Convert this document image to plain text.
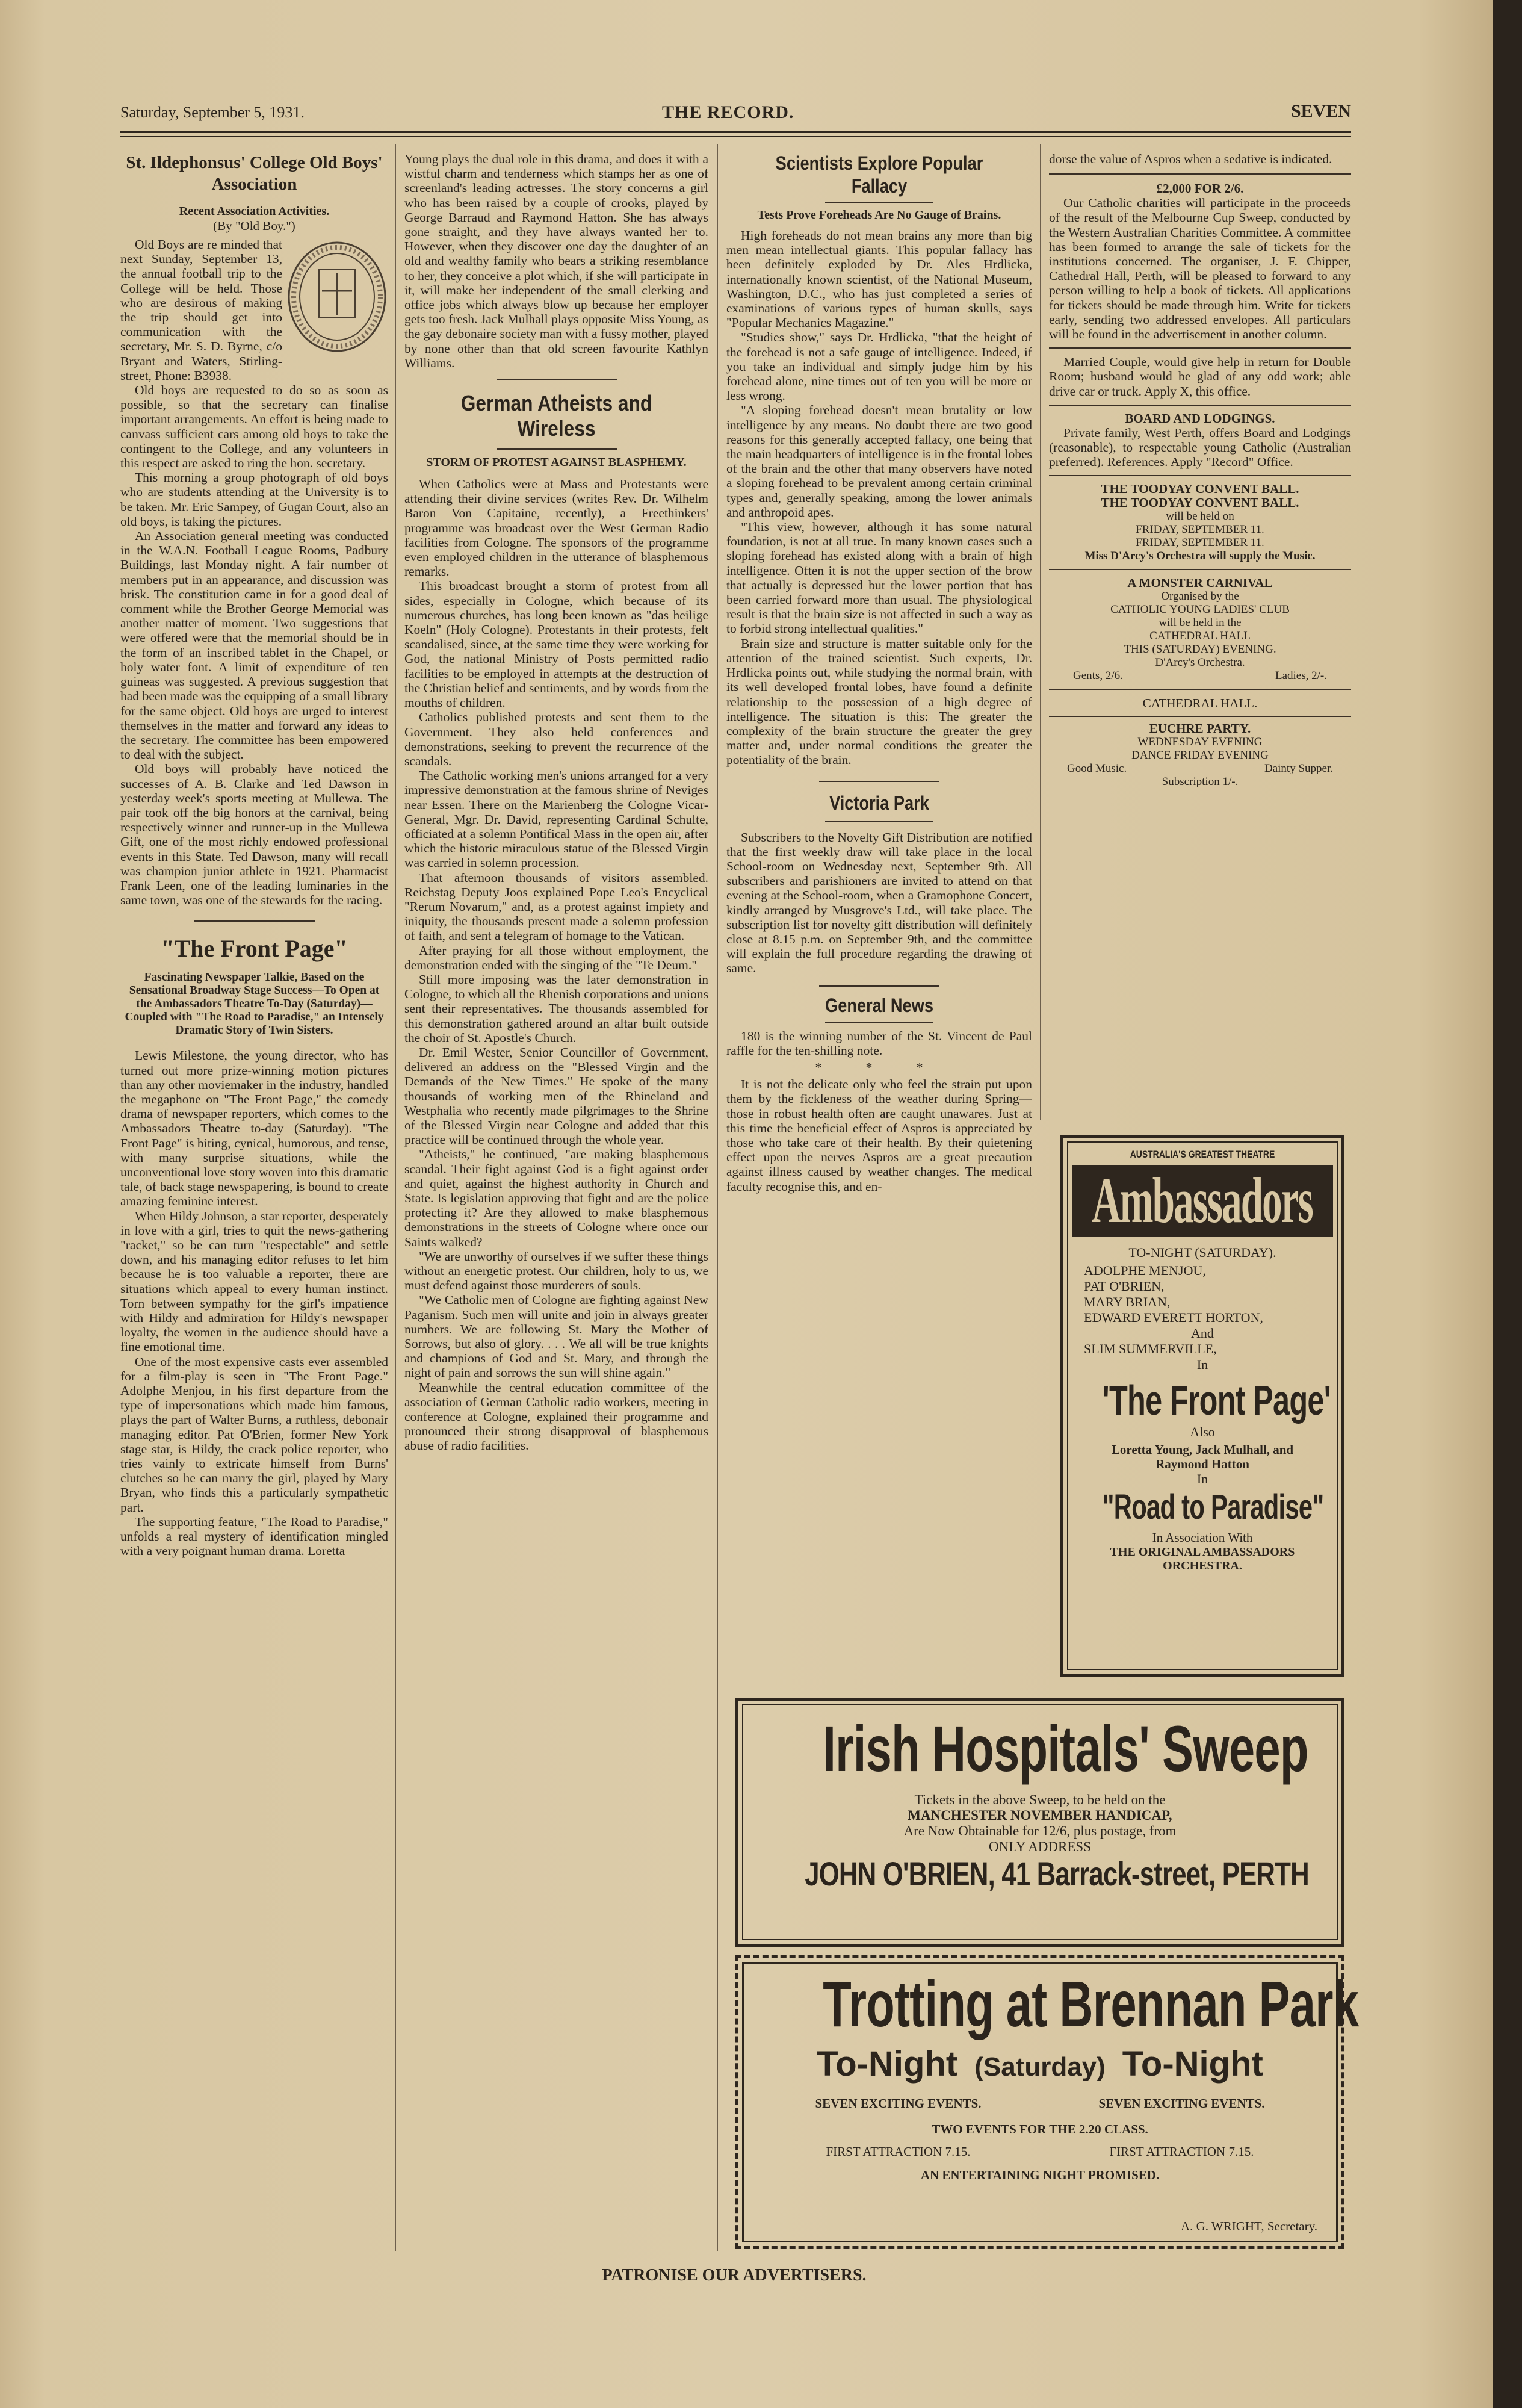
Saturday, September 5, 1931.	THE RECORD.	SEVEN
St. Ildephonsus' College Old Boys' Association
Recent Association Activities.
(By "Old Boy.")

Old Boys are re minded that next Sunday, September 13, the annual football trip to the College will be held. Those who are desirous of making the trip should get into communication with the secretary, Mr. S. D. Byrne, c/o Bryant and Waters, Stirling-street, Phone: B3938.

Old boys are requested to do so as soon as possible, so that the secretary can finalise important arrangements. An effort is being made to canvass sufficient cars among old boys to take the contingent to the College, and any volunteers in this respect are asked to ring the hon. secretary.

This morning a group photograph of old boys who are students attending at the University is to be taken. Mr. Eric Sampey, of Gugan Court, also an old boys, is taking the pictures.

An Association general meeting was conducted in the W.A.N. Football League Rooms, Padbury Buildings, last Monday night. A fair number of members put in an appearance, and discussion was brisk. The constitution came in for a good deal of comment while the Brother George Memorial was another matter of moment. Two suggestions that were offered were that the memorial should be in the form of an inscribed tablet in the Chapel, or holy water font. A limit of expenditure of ten guineas was suggested. A previous suggestion that had been made was the equipping of a small library for the same object. Old boys are urged to interest themselves in the matter and forward any ideas to the secretary. The committee has been empowered to deal with the subject.

Old boys will probably have noticed the successes of A. B. Clarke and Ted Dawson in yesterday week's sports meeting at Mullewa. The pair took off the big honors at the carnival, being respectively winner and runner-up in the Mullewa Gift, one of the most richly endowed professional events in this State. Ted Dawson, many will recall was champion junior athlete in 1921. Pharmacist Frank Leen, one of the leading luminaries in the same town, was one of the stewards for the racing.

"The Front Page"
Fascinating Newspaper Talkie, Based on the Sensational Broadway Stage Success—To Open at the Ambassadors Theatre To-Day (Saturday)—Coupled with "The Road to Paradise," an Intensely Dramatic Story of Twin Sisters.

Lewis Milestone, the young director, who has turned out more prize-winning motion pictures than any other moviemaker in the industry, handled the megaphone on "The Front Page," the comedy drama of newspaper reporters, which comes to the Ambassadors Theatre to-day (Saturday). "The Front Page" is biting, cynical, humorous, and tense, with many surprise situations, while the unconventional love story woven into this dramatic tale, of back stage newspapering, is bound to create amazing feminine interest.

When Hildy Johnson, a star reporter, desperately in love with a girl, tries to quit the news-gathering "racket," so be can turn "respectable" and settle down, and his managing editor refuses to let him because he is too valuable a reporter, there are situations which appeal to every human instinct. Torn between sympathy for the girl's impatience with Hildy and admiration for Hildy's newspaper loyalty, the women in the audience should have a fine emotional time.

One of the most expensive casts ever assembled for a film-play is seen in "The Front Page." Adolphe Menjou, in his first departure from the type of impersonations which made him famous, plays the part of Walter Burns, a ruthless, debonair managing editor. Pat O'Brien, former New York stage star, is Hildy, the crack police reporter, who tries vainly to extricate himself from Burns' clutches so he can marry the girl, played by Mary Bryan, who finds this a particularly sympathetic part.

The supporting feature, "The Road to Paradise," unfolds a real mystery of identification mingled with a very poignant human drama. Loretta

Young plays the dual role in this drama, and does it with a wistful charm and tenderness which stamps her as one of screenland's leading actresses. The story concerns a girl who has been raised by a couple of crooks, played by George Barraud and Raymond Hatton. She has always gone straight, and they have always wanted her to. However, when they discover one day the daughter of an old and wealthy family who bears a striking resemblance to her, they conceive a plot which, if she will participate in it, will make her independent of the small clerking and office jobs which always blow up because her employer gets too fresh. Jack Mulhall plays opposite Miss Young, as the gay debonaire society man with a fussy mother, played by none other than that old screen favourite Kathlyn Williams.

German Atheists and Wireless
STORM OF PROTEST AGAINST BLASPHEMY.

When Catholics were at Mass and Protestants were attending their divine services (writes Rev. Dr. Wilhelm Baron Von Capitaine, recently), a Freethinkers' programme was broadcast over the West German Radio facilities from Cologne. The sponsors of the programme even employed children in the utterance of blasphemous remarks.

This broadcast brought a storm of protest from all sides, especially in Cologne, which because of its numerous churches, has long been known as "das heilige Koeln" (Holy Cologne). Protestants in their protests, felt scandalised, since, at the same time they were working for God, the national Ministry of Posts permitted radio facilities to be employed in attempts at the destruction of the Christian belief and sentiments, and by words from the mouths of children.

Catholics published protests and sent them to the Government. They also held conferences and demonstrations, seeking to prevent the recurrence of the scandals.

The Catholic working men's unions arranged for a very impressive demonstration at the famous shrine of Neviges near Essen. There on the Marienberg the Cologne Vicar-General, Mgr. Dr. David, representing Cardinal Schulte, officiated at a solemn Pontifical Mass in the open air, after which the historic miraculous statue of the Blessed Virgin was carried in solemn procession.

That afternoon thousands of visitors assembled. Reichstag Deputy Joos explained Pope Leo's Encyclical "Rerum Novarum," and, as a protest against impiety and iniquity, the thousands present made a solemn profession of faith, and sent a telegram of homage to the Vatican.

After praying for all those without employment, the demonstration ended with the singing of the "Te Deum."

Still more imposing was the later demonstration in Cologne, to which all the Rhenish corporations and unions sent their representatives. The thousands assembled for this demonstration gathered around an altar built outside the choir of St. Apostle's Church.

Dr. Emil Wester, Senior Councillor of Government, delivered an address on the "Blessed Virgin and the Demands of the New Times." He spoke of the many thousands of working men of the Rhineland and Westphalia who recently made pilgrimages to the Shrine of the Blessed Virgin near Cologne and added that this practice will be continued through the whole year.

"Atheists," he continued, "are making blasphemous scandal. Their fight against God is a fight against order and quiet, against the highest authority in Church and State. Is legislation approving that fight and are the police protecting it? Are they allowed to make blasphemous demonstrations in the streets of Cologne where once our Saints walked?

"We are unworthy of ourselves if we suffer these things without an energetic protest. Our children, holy to us, we must defend against those murderers of souls.

"We Catholic men of Cologne are fighting against New Paganism. Such men will unite and join in always greater numbers. We are following St. Mary the Mother of Sorrows, but also of glory. . . . We all will be true knights and champions of God and St. Mary, and through the night of pain and sorrows the sun will shine again."

Meanwhile the central education committee of the association of German Catholic radio workers, meeting in conference at Cologne, explained their programme and pronounced their strong disapproval of blasphemous abuse of radio facilities.

Scientists Explore Popular Fallacy
Tests Prove Foreheads Are No Gauge of Brains.

High foreheads do not mean brains any more than big men mean intellectual giants. This popular fallacy has been definitely exploded by Dr. Ales Hrdlicka, internationally known scientist, of the National Museum, Washington, D.C., who has just completed a series of examinations of various types of human skulls, says "Popular Mechanics Magazine."

"Studies show," says Dr. Hrdlicka, "that the height of the forehead is not a safe gauge of intelligence. Indeed, if you take an individual and simply judge him by his forehead alone, nine times out of ten you will be more or less wrong.

"A sloping forehead doesn't mean brutality or low intelligence by any means. No doubt there are two good reasons for this generally accepted fallacy, one being that the main headquarters of intelligence is in the frontal lobes of the brain and the other that many observers have noted a sloping forehead to be prevalent among certain criminal types and, generally speaking, among the lower animals and anthropoid apes.

"This view, however, although it has some natural foundation, is not at all true. In many known cases such a sloping forehead has existed along with a brain of high intelligence. Often it is not the upper section of the brow that actually is depressed but the lower portion that has been carried forward more than usual. The physiological result is that the brain size is not affected in such a way as to forbid strong intellectual qualities."

Brain size and structure is matter suitable only for the attention of the trained scientist. Such experts, Dr. Hrdlicka points out, while studying the normal brain, with its well developed frontal lobes, have found a definite relationship to the possession of a high degree of intelligence. The situation is this: The greater the complexity of the brain structure the greater the grey matter and, under normal conditions the greater the potentiality of the brain.

Victoria Park

Subscribers to the Novelty Gift Distribution are notified that the first weekly draw will take place in the local School-room on Wednesday next, September 9th. All subscribers and parishioners are invited to attend on that evening at the School-room, when a Gramophone Concert, kindly arranged by Musgrove's Ltd., will take place. The subscription list for novelty gift distribution will definitely close at 8.15 p.m. on September 9th, and the committee will explain the full procedure regarding the drawing of same.

General News

180 is the winning number of the St. Vincent de Paul raffle for the ten-shilling note.

* * *

It is not the delicate only who feel the strain put upon them by the fickleness of the weather during Spring—those in robust health often are caught unawares. Just at this time the beneficial effect of Aspros is appreciated by those who take care of their health. By their quietening effect upon the nerves Aspros are a great precaution against illness caused by weather changes. The medical faculty recognise this, and en-

dorse the value of Aspros when a sedative is indicated.

£2,000 FOR 2/6.

Our Catholic charities will participate in the proceeds of the result of the Melbourne Cup Sweep, conducted by the Western Australian Charities Committee. A committee has been formed to arrange the sale of tickets for the institutions concerned. The organiser, J. F. Chipper, Cathedral Hall, Perth, will be pleased to forward to any person willing to help a book of tickets. All applications for tickets should be made through him. Write for tickets early, sending two addressed envelopes. All particulars will be found in the advertisement in another column.

Married Couple, would give help in return for Double Room; husband would be glad of any odd work; able drive car or truck. Apply X, this office.

BOARD AND LODGINGS.

Private family, West Perth, offers Board and Lodgings (reasonable), to respectable young Catholic (Australian preferred). References. Apply "Record" Office.

THE TOODYAY CONVENT BALL.
THE TOODYAY CONVENT BALL.
will be held on
FRIDAY, SEPTEMBER 11.
FRIDAY, SEPTEMBER 11.
Miss D'Arcy's Orchestra will supply the Music.
A MONSTER CARNIVAL
Organised by the
CATHOLIC YOUNG LADIES' CLUB
will be held in the
CATHEDRAL HALL
THIS (SATURDAY) EVENING.
D'Arcy's Orchestra.
Gents, 2/6.	Ladies, 2/-.
CATHEDRAL HALL.
EUCHRE PARTY.
WEDNESDAY EVENING
DANCE FRIDAY EVENING
Good Music.	Dainty Supper.
Subscription 1/-.
AUSTRALIA'S GREATEST THEATRE
Ambassadors
TO-NIGHT (SATURDAY).
ADOLPHE MENJOU,
PAT O'BRIEN,
MARY BRIAN,
EDWARD EVERETT HORTON,
And
SLIM SUMMERVILLE,
In
'The Front Page'
Also
Loretta Young, Jack Mulhall, and Raymond Hatton
In
"Road to Paradise"
In Association With
THE ORIGINAL AMBASSADORS ORCHESTRA.
Irish Hospitals' Sweep
Tickets in the above Sweep, to be held on the
MANCHESTER NOVEMBER HANDICAP,
Are Now Obtainable for 12/6, plus postage, from
ONLY ADDRESS
JOHN O'BRIEN, 41 Barrack-street, PERTH
Trotting at Brennan Park
To-Night (Saturday) To-Night
SEVEN EXCITING EVENTS.	SEVEN EXCITING EVENTS.
TWO EVENTS FOR THE 2.20 CLASS.
FIRST ATTRACTION 7.15.	FIRST ATTRACTION 7.15.
AN ENTERTAINING NIGHT PROMISED.
A. G. WRIGHT, Secretary.
PATRONISE OUR ADVERTISERS.
